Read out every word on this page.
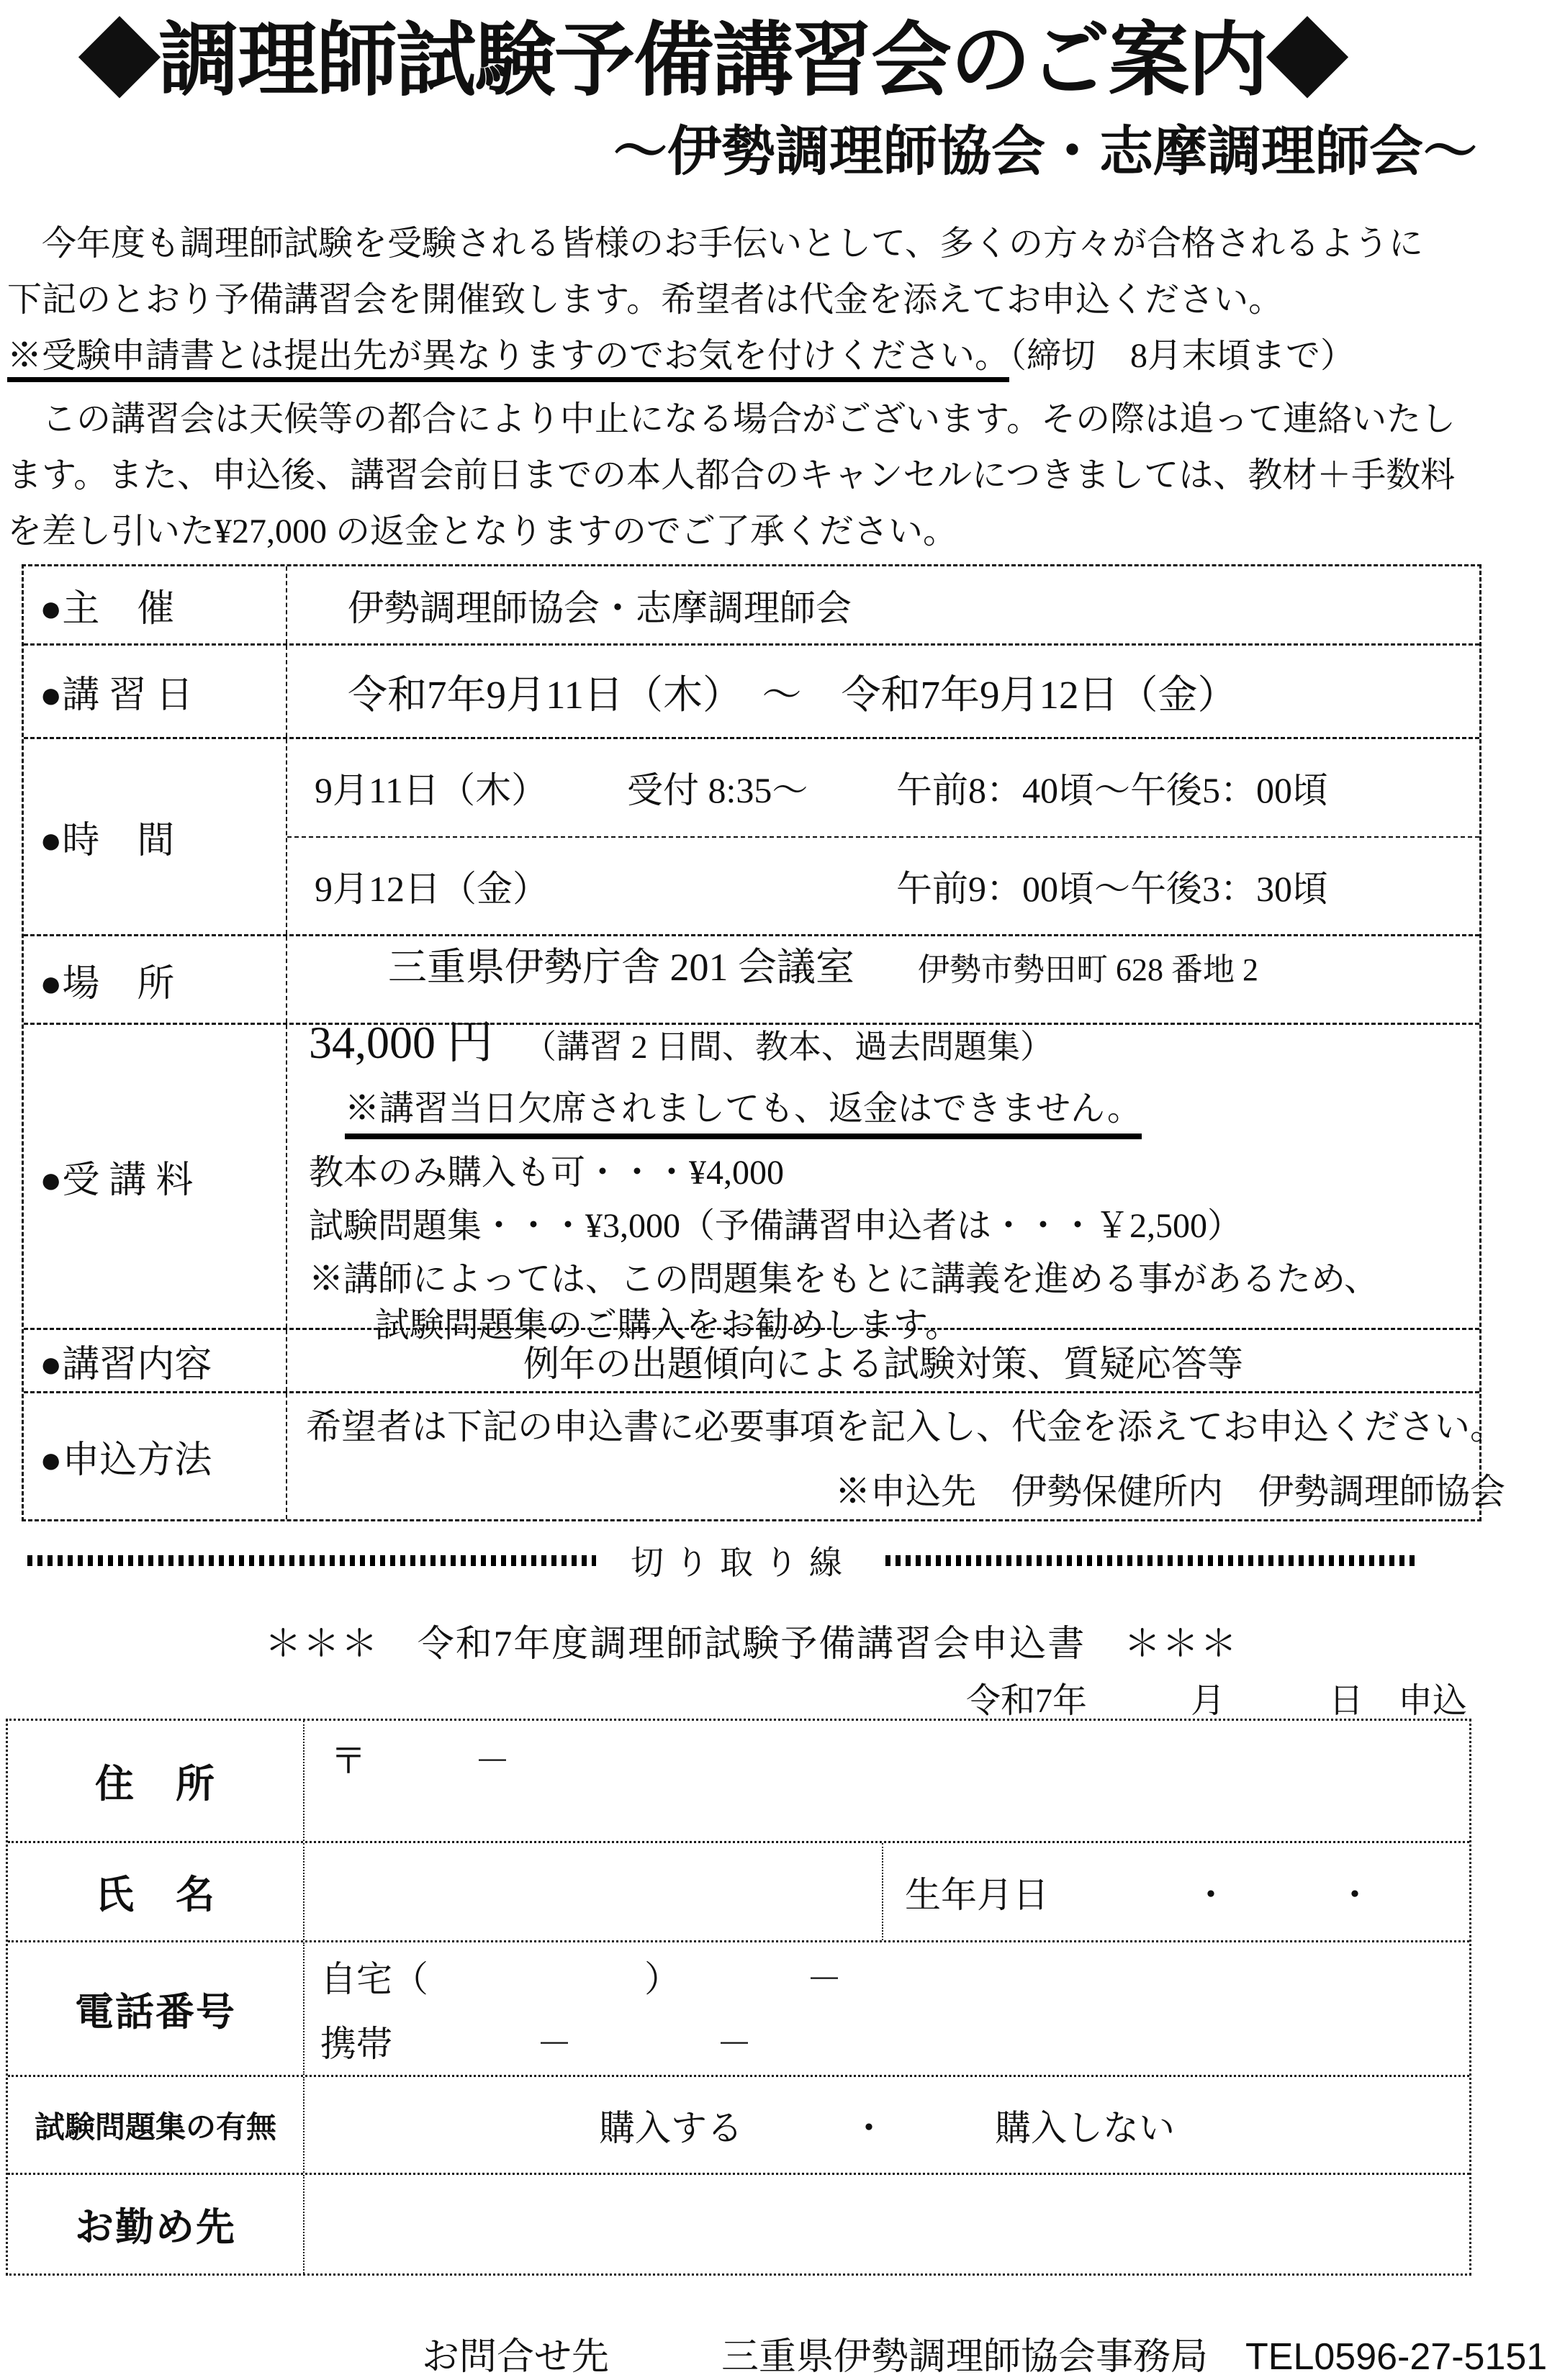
◆調理師試験予備講習会のご案内◆
～伊勢調理師協会・志摩調理師会～
　今年度も調理師試験を受験される皆様のお手伝いとして、多くの方々が合格されるように
下記のとおり予備講習会を開催致します。希望者は代金を添えてお申込ください。
※受験申請書とは提出先が異なりますのでお気を付けください。（締切　8月末頃まで）
　この講習会は天候等の都合により中止になる場合がございます。その際は追って連絡いたし
ます。また、申込後、講習会前日までの本人都合のキャンセルにつきましては、教材＋手数料
を差し引いた¥27,000 の返金となりますのでご了承ください。
●主　催	伊勢調理師協会・志摩調理師会
●講 習 日	令和7年9月11日（木）　～　令和7年9月12日（金）
●時　間
9月11日（木）	受付 8:35～	午前8：40頃～午後5：00頃
9月12日（金）	午前9：00頃～午後3：30頃
●場　所	三重県伊勢庁舎 201 会議室 伊勢市勢田町 628 番地 2
●受 講 料
34,000 円 （講習 2 日間、教本、過去問題集）
※講習当日欠席されましても、返金はできません。
教本のみ購入も可・・・¥4,000
試験問題集・・・¥3,000（予備講習申込者は・・・￥2,500）
※講師によっては、この問題集をもとに講義を進める事があるため、
試験問題集のご購入をお勧めします。
●講習内容	例年の出題傾向による試験対策、質疑応答等
●申込方法
希望者は下記の申込書に必要事項を記入し、代金を添えてお申込ください。
※申込先　伊勢保健所内　伊勢調理師協会
切り取り線
＊＊＊　令和7年度調理師試験予備講習会申込書　＊＊＊
令和7年　　　月　　　日　申込
住　所
〒　　　－
氏　名	生年月日　　　　・　　　・
電話番号
自宅（　　　　　　）　　　　－
携帯　　　　－　　　　－
試験問題集の有無	購入する　　　・　　　購入しない
お勤め先
お問合せ先　　　三重県伊勢調理師協会事務局　TEL0596-27-5151
